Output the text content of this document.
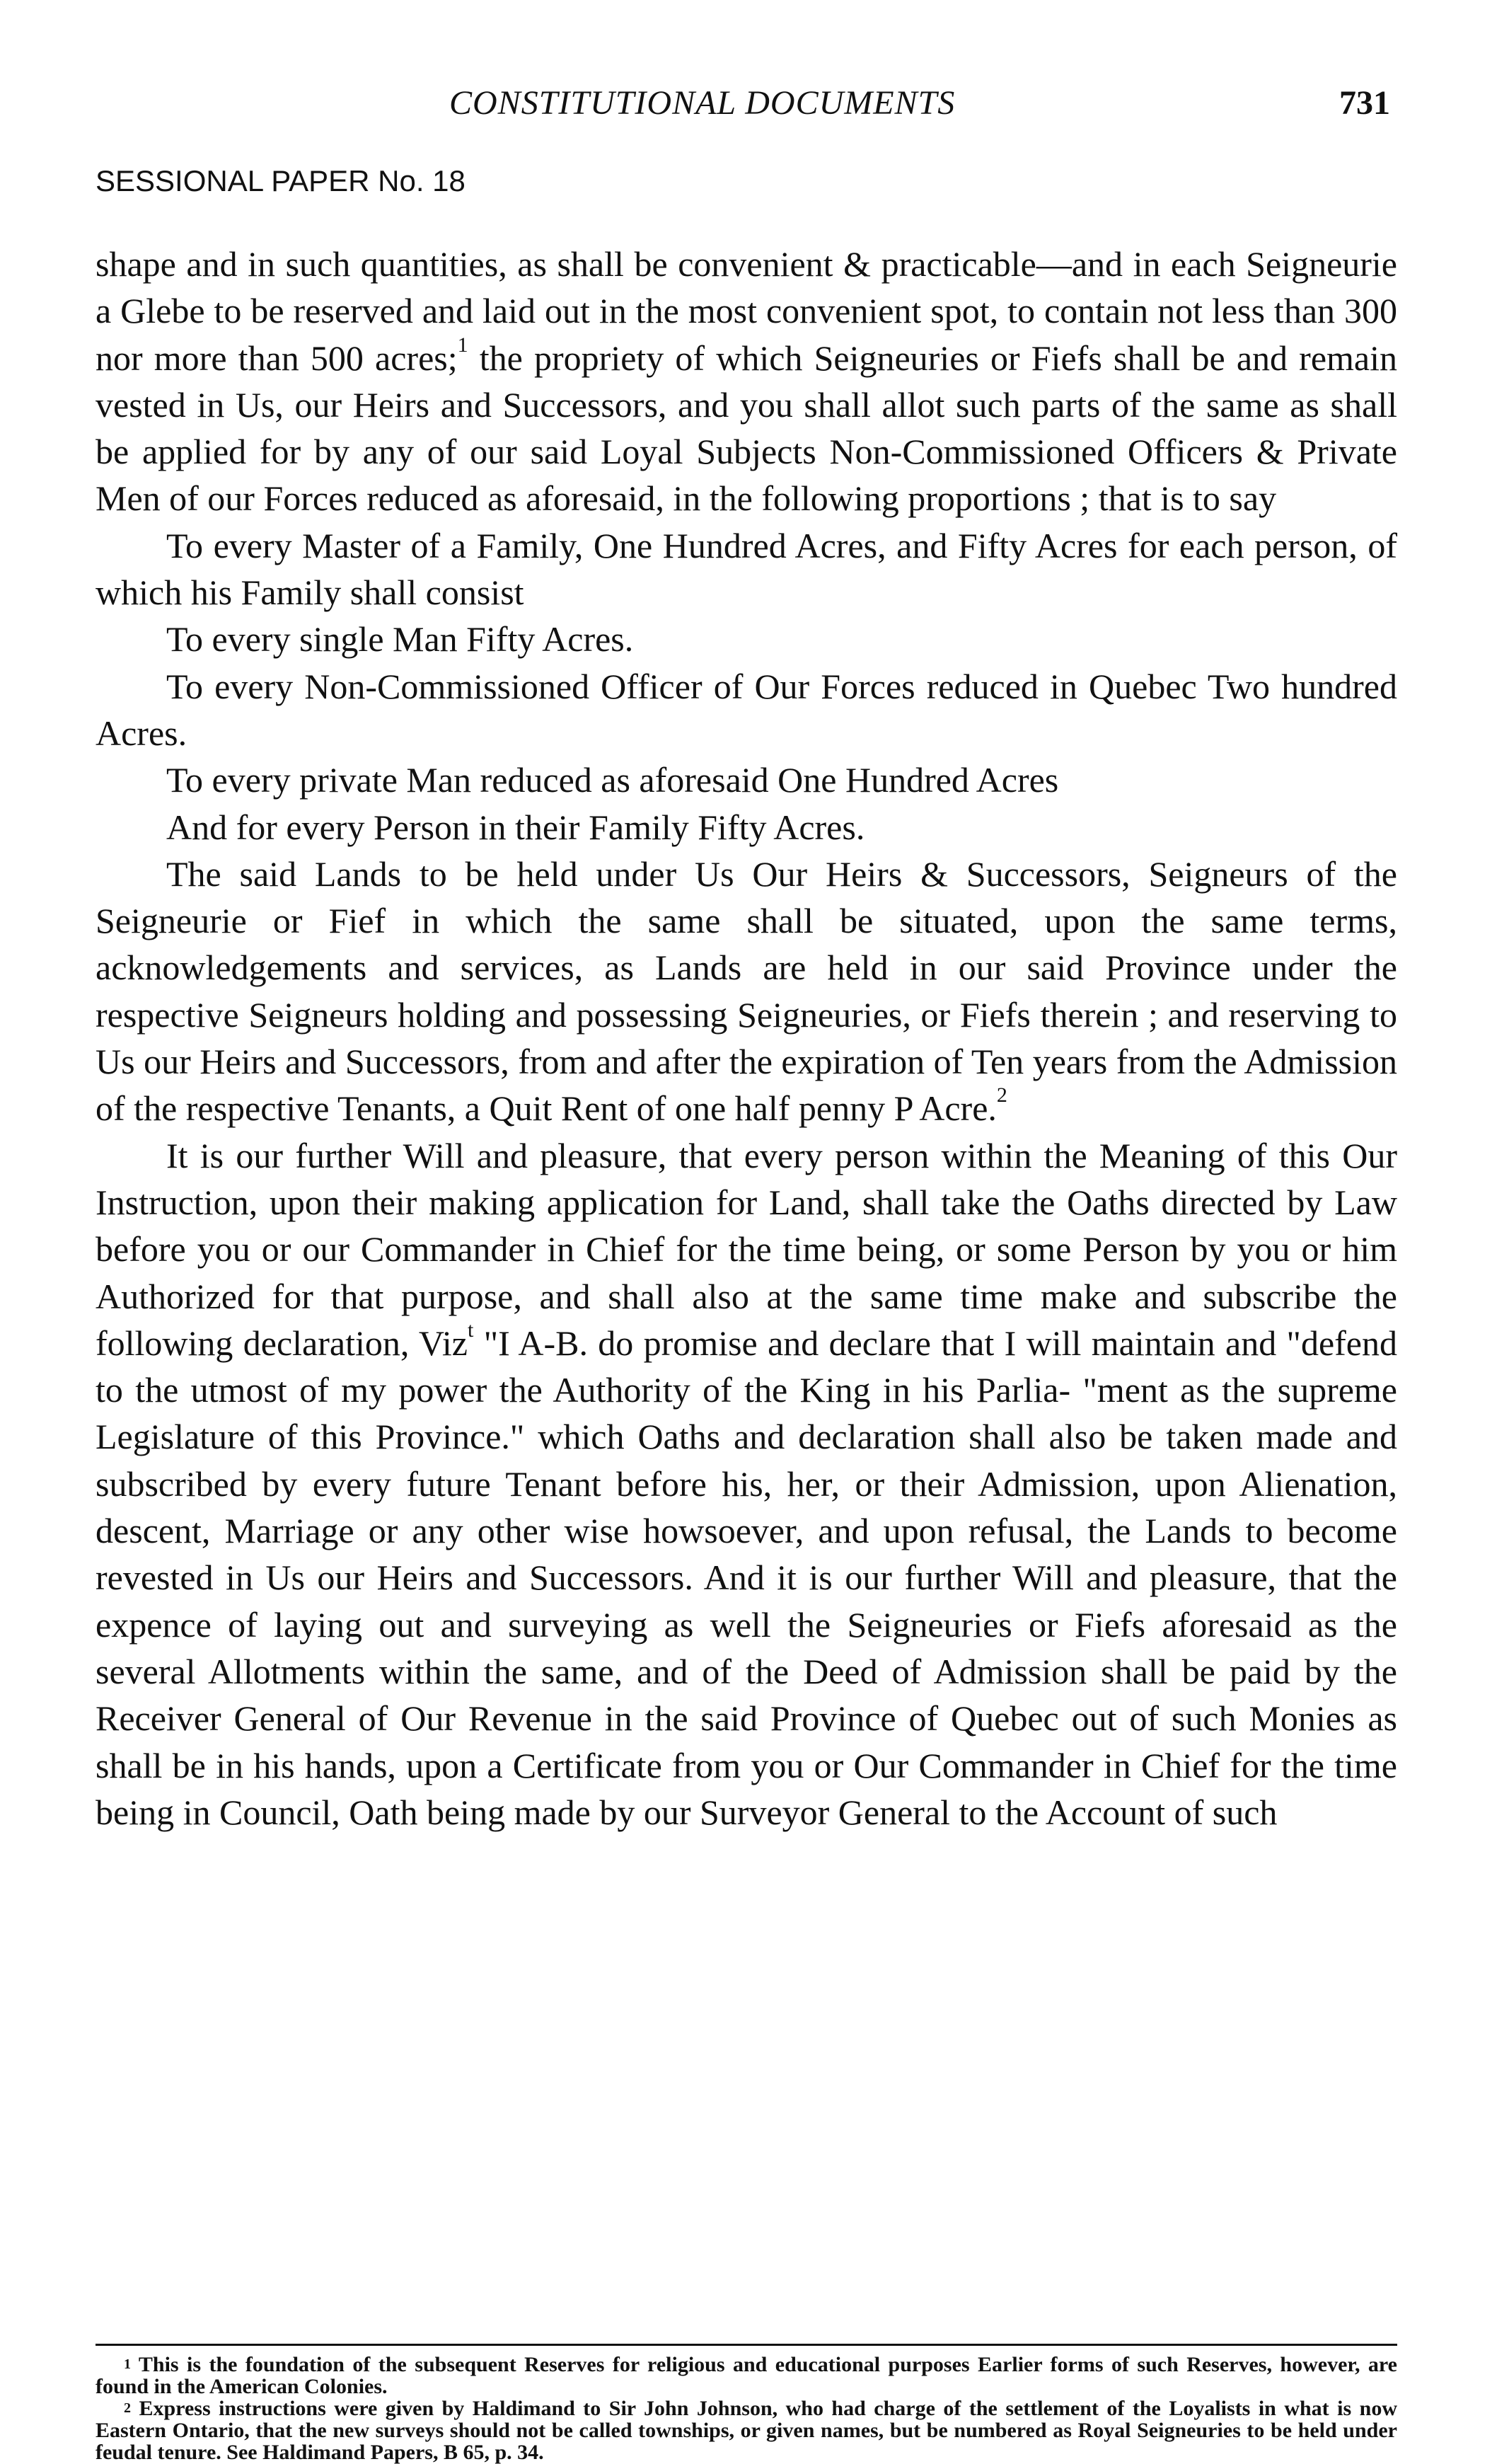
CONSTITUTIONAL DOCUMENTS	731
SESSIONAL PAPER No. 18

shape and in such quantities, as shall be convenient & practicable—and in each Seigneurie a Glebe to be reserved and laid out in the most convenient spot, to contain not less than 300 nor more than 500 acres;$^1$ the propriety of which Seigneuries or Fiefs shall be and remain vested in Us, our Heirs and Successors, and you shall allot such parts of the same as shall be applied for by any of our said Loyal Subjects Non-Commissioned Officers & Private Men of our Forces reduced as aforesaid, in the following proportions ; that is to say

To every Master of a Family, One Hundred Acres, and Fifty Acres for each person, of which his Family shall consist

To every single Man Fifty Acres.

To every Non-Commissioned Officer of Our Forces reduced in Quebec Two hundred Acres.

To every private Man reduced as aforesaid One Hundred Acres

And for every Person in their Family Fifty Acres.

The said Lands to be held under Us Our Heirs & Successors, Seigneurs of the Seigneurie or Fief in which the same shall be situated, upon the same terms, acknowledgements and services, as Lands are held in our said Province under the respective Seigneurs holding and possessing Seigneuries, or Fiefs therein ; and reserving to Us our Heirs and Successors, from and after the expiration of Ten years from the Admission of the respective Tenants, a Quit Rent of one half penny P Acre.$^2$

It is our further Will and pleasure, that every person within the Meaning of this Our Instruction, upon their making application for Land, shall take the Oaths directed by Law before you or our Commander in Chief for the time being, or some Person by you or him Authorized for that purpose, and shall also at the same time make and subscribe the following declaration, Viz$^t$ "I A-B. do promise and declare that I will maintain and "defend to the utmost of my power the Authority of the King in his Parlia- "ment as the supreme Legislature of this Province." which Oaths and declaration shall also be taken made and subscribed by every future Tenant before his, her, or their Admission, upon Alienation, descent, Marriage or any other wise howsoever, and upon refusal, the Lands to become revested in Us our Heirs and Successors. And it is our further Will and pleasure, that the expence of laying out and surveying as well the Seigneuries or Fiefs aforesaid as the several Allotments within the same, and of the Deed of Admission shall be paid by the Receiver General of Our Revenue in the said Province of Quebec out of such Monies as shall be in his hands, upon a Certificate from you or Our Commander in Chief for the time being in Council, Oath being made by our Surveyor General to the Account of such

$^1$ This is the foundation of the subsequent Reserves for religious and educational purposes Earlier forms of such Reserves, however, are found in the American Colonies.

$^2$ Express instructions were given by Haldimand to Sir John Johnson, who had charge of the settlement of the Loyalists in what is now Eastern Ontario, that the new surveys should not be called townships, or given names, but be numbered as Royal Seigneuries to be held under feudal tenure. See Haldimand Papers, B 65, p. 34.
